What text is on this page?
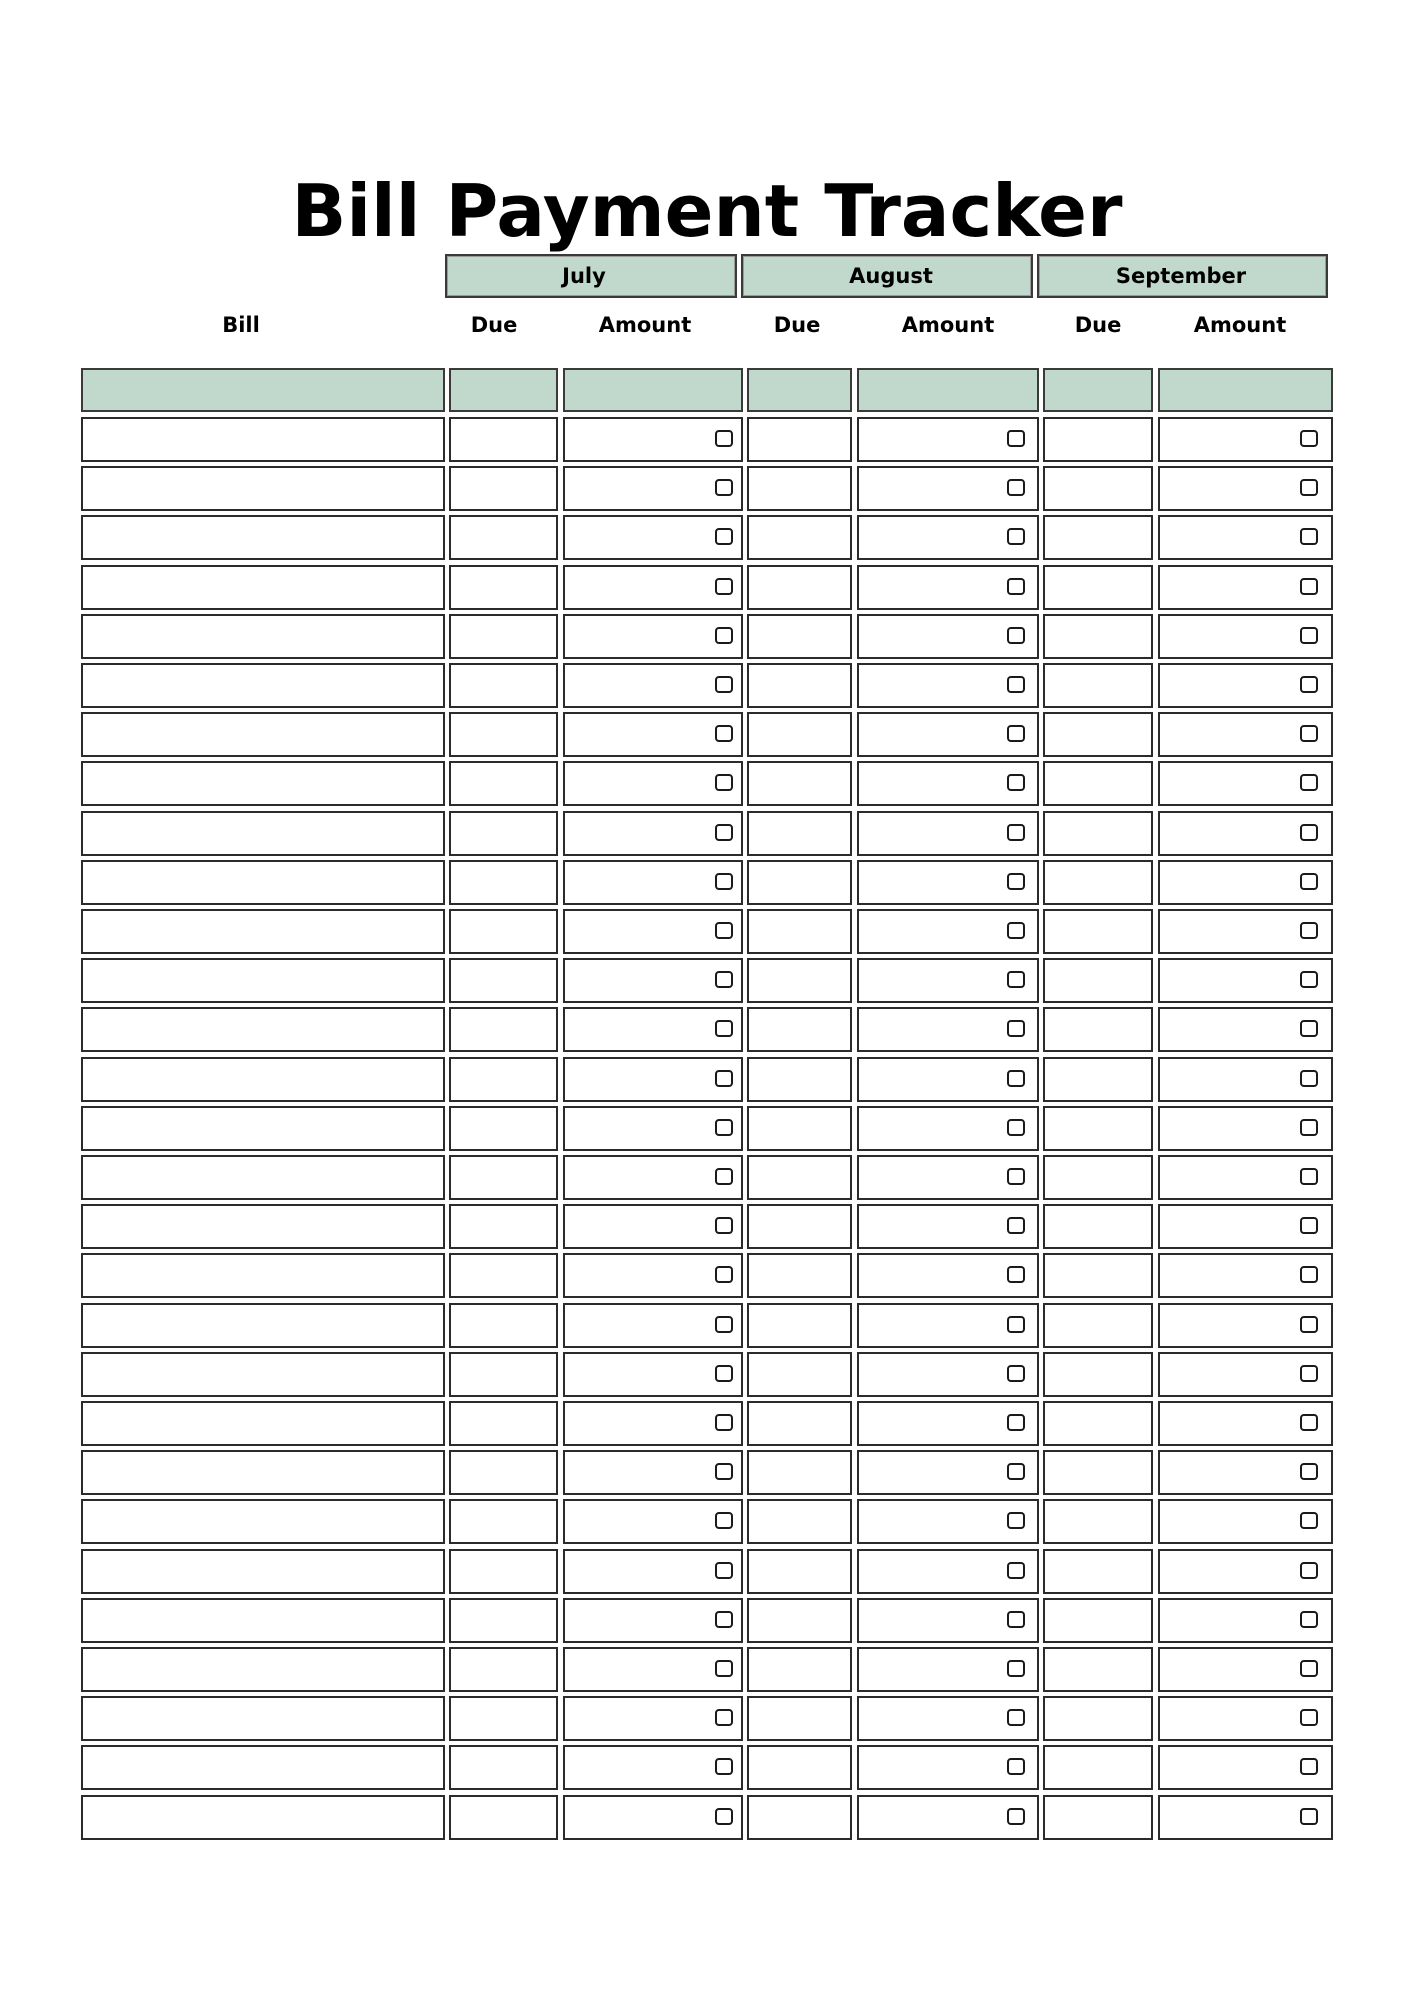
Bill Payment Tracker
July	August	September
Bill	Due	Amount	Due	Amount	Due	Amount
